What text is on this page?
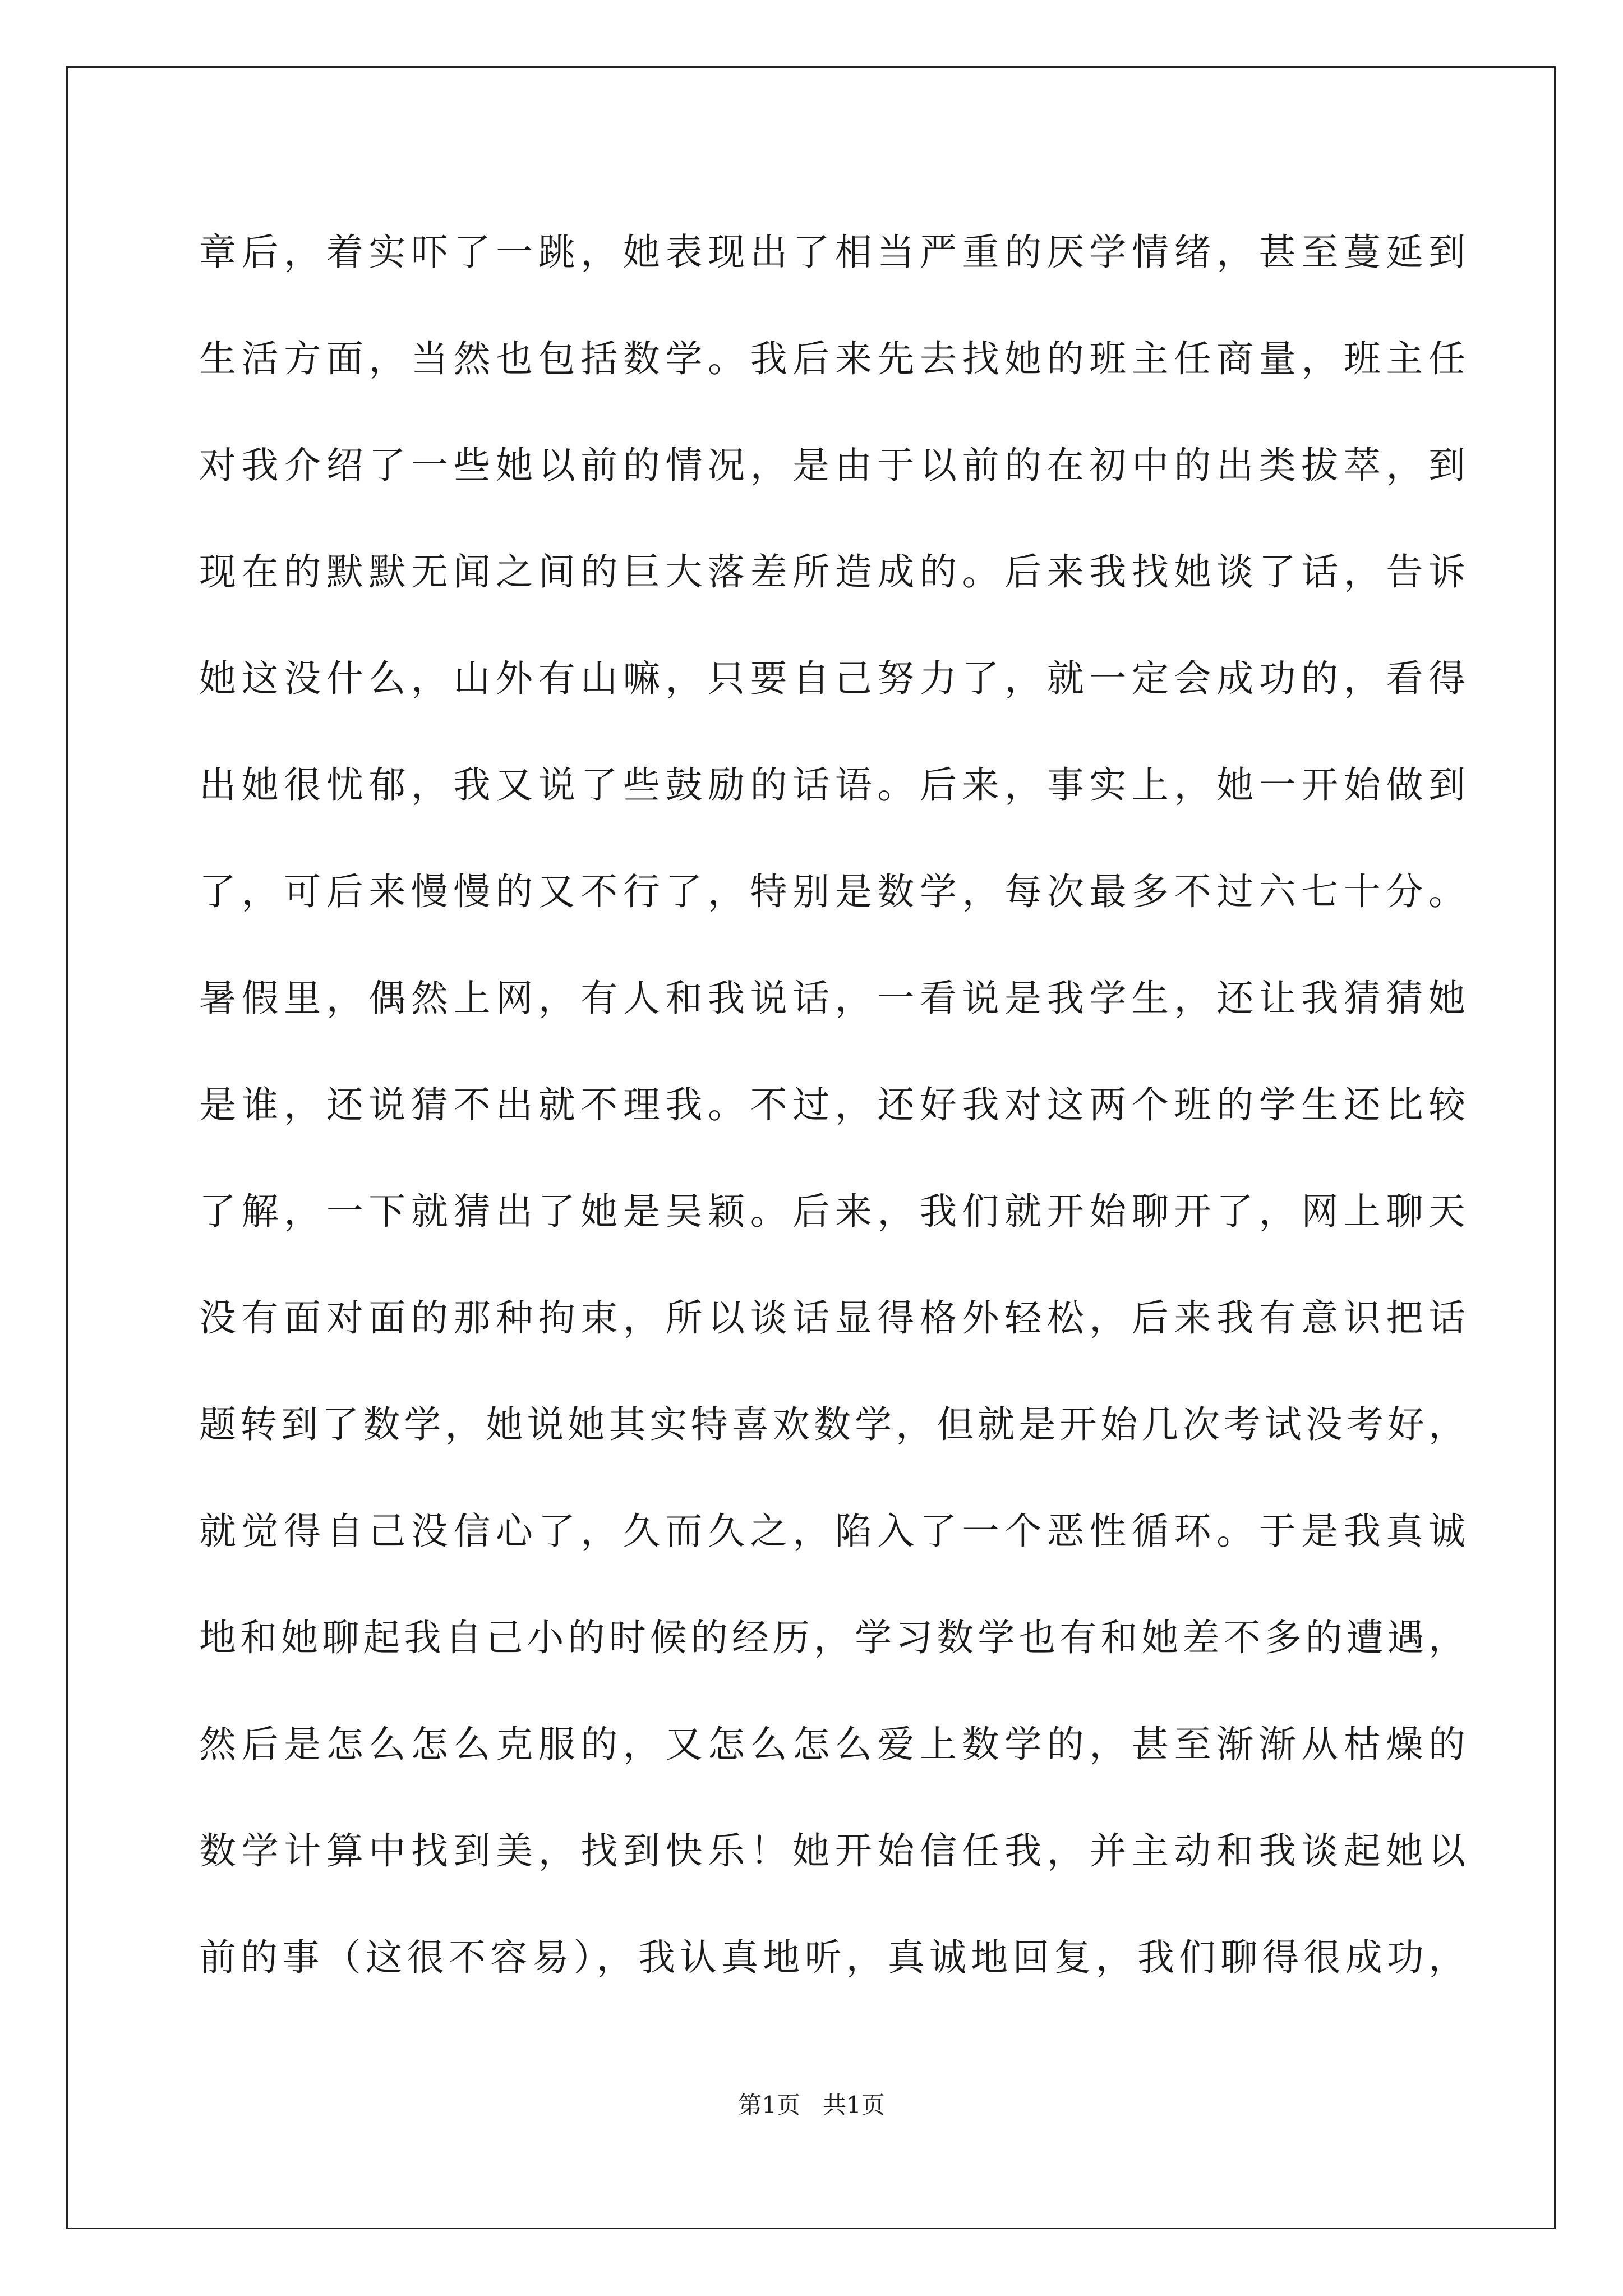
章后，着实吓了一跳，她表现出了相当严重的厌学情绪，甚至蔓延到
生活方面，当然也包括数学。我后来先去找她的班主任商量，班主任
对我介绍了一些她以前的情况，是由于以前的在初中的出类拔萃，到
现在的默默无闻之间的巨大落差所造成的。后来我找她谈了话，告诉
她这没什么，山外有山嘛，只要自己努力了，就一定会成功的，看得
出她很忧郁，我又说了些鼓励的话语。后来，事实上，她一开始做到
了，可后来慢慢的又不行了，特别是数学，每次最多不过六七十分。
暑假里，偶然上网，有人和我说话，一看说是我学生，还让我猜猜她
是谁，还说猜不出就不理我。不过，还好我对这两个班的学生还比较
了解，一下就猜出了她是吴颖。后来，我们就开始聊开了，网上聊天
没有面对面的那种拘束，所以谈话显得格外轻松，后来我有意识把话
题转到了数学，她说她其实特喜欢数学，但就是开始几次考试没考好，
就觉得自己没信心了，久而久之，陷入了一个恶性循环。于是我真诚
地和她聊起我自己小的时候的经历，学习数学也有和她差不多的遭遇，
然后是怎么怎么克服的，又怎么怎么爱上数学的，甚至渐渐从枯燥的
数学计算中找到美，找到快乐！她开始信任我，并主动和我谈起她以
前的事（这很不容易），我认真地听，真诚地回复，我们聊得很成功，
第1页   共1页
